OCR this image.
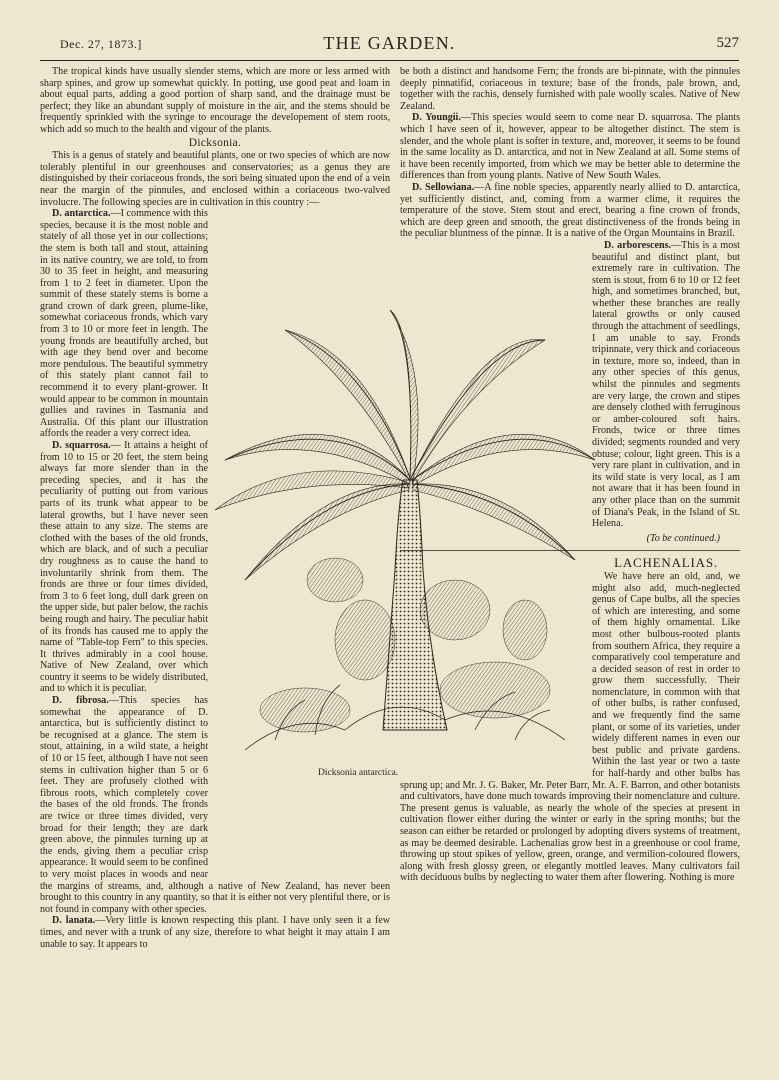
Dec. 27, 1873.]	THE GARDEN.	527

The tropical kinds have usually slender stems, which are more or less armed with sharp spines, and grow up somewhat quickly. In potting, use good peat and loam in about equal parts, adding a good portion of sharp sand, and the drainage must be perfect; they like an abundant supply of moisture in the air, and the stems should be frequently sprinkled with the syringe to encourage the developement of stem roots, which add so much to the health and vigour of the plants.

Dicksonia.

This is a genus of stately and beautiful plants, one or two species of which are now tolerably plentiful in our greenhouses and conservatories; as a genus they are distinguished by their coriaceous fronds, the sori being situated upon the end of a vein near the margin of the pinnules, and enclosed within a coriaceous two-valved involucre. The following species are in cultivation in this country :—

D. antarctica.—I commence with this species, because it is the most noble and stately of all those yet in our collections; the stem is both tall and stout, attaining in its native country, we are told, to from 30 to 35 feet in height, and measuring from 1 to 2 feet in diameter. Upon the summit of these stately stems is borne a grand crown of dark green, plume-like, somewhat coriaceous fronds, which vary from 3 to 10 or more feet in length. The young fronds are beautifully arched, but with age they bend over and become more pendulous. The beautiful symmetry of this stately plant cannot fail to recommend it to every plant-grower. It would appear to be common in mountain gullies and ravines in Tasmania and Australia. Of this plant our illustration affords the reader a very correct idea.

D. squarrosa.— It attains a height of from 10 to 15 or 20 feet, the stem being always far more slender than in the preceding species, and it has the peculiarity of putting out from various parts of its trunk what appear to be lateral growths, but I have never seen these attain to any size. The stems are clothed with the bases of the old fronds, which are black, and of such a peculiar dry roughness as to cause the hand to involuntarily shrink from them. The fronds are three or four times divided, from 3 to 6 feet long, dull dark green on the upper side, but paler below, the rachis being rough and hairy. The peculiar habit of its fronds has caused me to apply the name of "Table-top Fern" to this species. It thrives admirably in a cool house. Native of New Zealand, over which country it seems to be widely distributed, and to which it is peculiar.

D. fibrosa.—This species has somewhat the appearance of D. antarctica, but is sufficiently distinct to be recognised at a glance. The stem is stout, attaining, in a wild state, a height of 10 or 15 feet, although I have not seen stems in cultivation higher than 5 or 6 feet. They are profusely clothed with fibrous roots, which completely cover the bases of the old fronds. The fronds are twice or three times divided, very broad for their length; they are dark green above, the pinnules turning up at the ends, giving them a peculiar crisp appearance. It would seem to be confined to very moist places in woods and near the margins of streams, and, although a native of New Zealand, has never been brought to this country in any quantity, so that it is either not very plentiful there, or is not found in company with other species.

D. lanata.—Very little is known respecting this plant. I have only seen it a few times, and never with a trunk of any size, therefore to what height it may attain I am unable to say. It appears to

be both a distinct and handsome Fern; the fronds are bi-pinnate, with the pinnules deeply pinnatifid, coriaceous in texture; base of the fronds, pale brown, and, together with the rachis, densely furnished with pale woolly scales. Native of New Zealand.

D. Youngii.—This species would seem to come near D. squarrosa. The plants which I have seen of it, however, appear to be altogether distinct. The stem is slender, and the whole plant is softer in texture, and, moreover, it seems to be found in the same locality as D. antarctica, and not in New Zealand at all. Some stems of it have been recently imported, from which we may be better able to determine the differences than from young plants. Native of New South Wales.

D. Sellowiana.—A fine noble species, apparently nearly allied to D. antarctica, yet sufficiently distinct, and, coming from a warmer clime, it requires the temperature of the stove. Stem stout and erect, bearing a fine crown of fronds, which are deep green and smooth, the great distinctiveness of the fronds being in the peculiar bluntness of the pinnæ. It is a native of the Organ Mountains in Brazil.

D. arborescens.—This is a most beautiful and distinct plant, but extremely rare in cultivation. The stem is stout, from 6 to 10 or 12 feet high, and sometimes branched, but, whether these branches are really lateral growths or only caused through the attachment of seedlings, I am unable to say. Fronds tripinnate, very thick and coriaceous in texture, more so, indeed, than in any other species of this genus, whilst the pinnules and segments are very large, the crown and stipes are densely clothed with ferruginous or amber-coloured soft hairs. Fronds, twice or three times divided; segments rounded and very obtuse; colour, light green. This is a very rare plant in cultivation, and in its wild state is very local, as I am not aware that it has been found in any other place than on the summit of Diana's Peak, in the Island of St. Helena.

(To be continued.)
LACHENALIAS.

We have here an old, and, we might also add, much-neglected genus of Cape bulbs, all the species of which are interesting, and some of them highly ornamental. Like most other bulbous-rooted plants from southern Africa, they require a comparatively cool temperature and a decided season of rest in order to grow them successfully. Their nomenclature, in common with that of other bulbs, is rather confused, and we frequently find the same plant, or some of its varieties, under widely different names in even our best public and private gardens. Within the last year or two a taste for half-hardy and other bulbs has sprung up; and Mr. J. G. Baker, Mr. Peter Barr, Mr. A. F. Barron, and other botanists and cultivators, have done much towards improving their nomenclature and culture. The present genus is valuable, as nearly the whole of the species at present in cultivation flower either during the winter or early in the spring months; but the season can either be retarded or prolonged by adopting divers systems of treatment, as may be deemed desirable. Lachenalias grow best in a greenhouse or cool frame, throwing up stout spikes of yellow, green, orange, and vermilion-coloured flowers, along with fresh glossy green, or elegantly mottled leaves. Many cultivators fail with deciduous bulbs by neglecting to water them after flowering. Nothing is more

Dicksonia antarctica.
